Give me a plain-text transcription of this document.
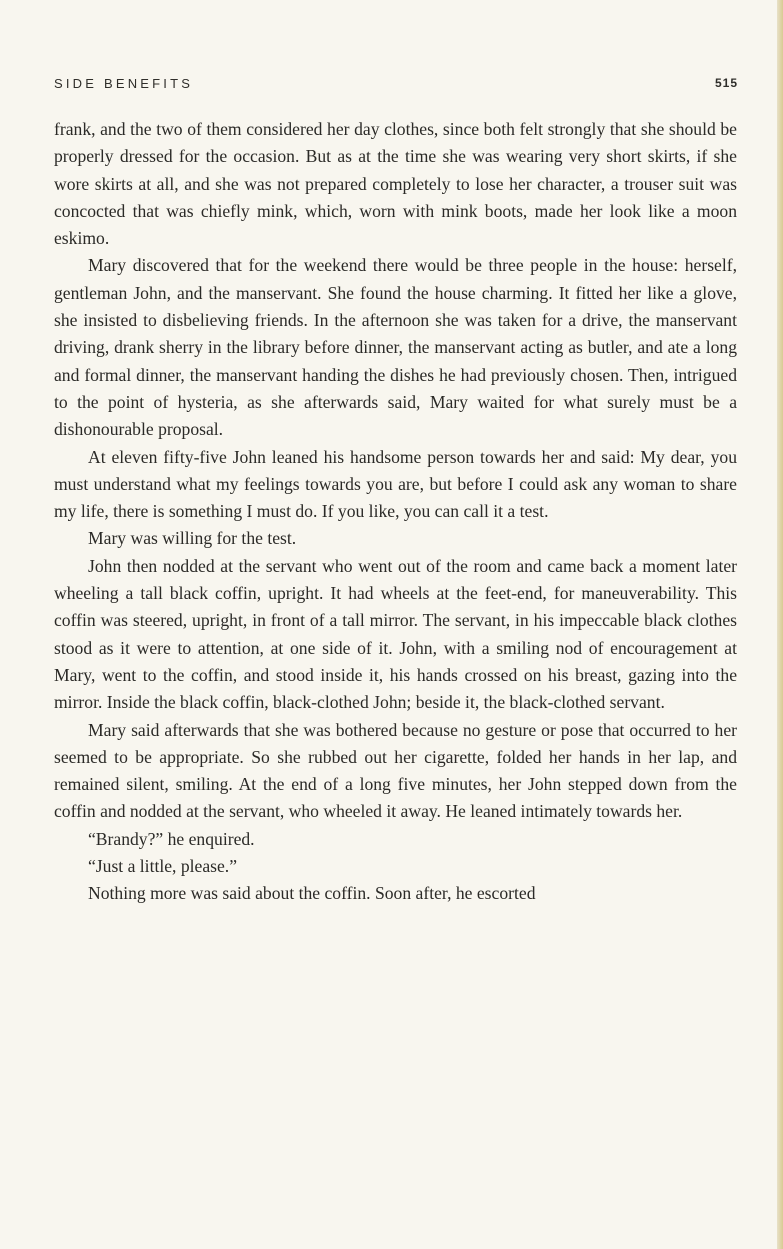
SIDE BENEFITS	515

frank, and the two of them considered her day clothes, since both felt strongly that she should be properly dressed for the occasion. But as at the time she was wearing very short skirts, if she wore skirts at all, and she was not prepared completely to lose her character, a trouser suit was concocted that was chiefly mink, which, worn with mink boots, made her look like a moon eskimo.

Mary discovered that for the weekend there would be three people in the house: herself, gentleman John, and the manservant. She found the house charming. It fitted her like a glove, she insisted to disbelieving friends. In the afternoon she was taken for a drive, the manservant driving, drank sherry in the library before dinner, the manservant acting as butler, and ate a long and formal dinner, the manservant handing the dishes he had previously chosen. Then, intrigued to the point of hysteria, as she afterwards said, Mary waited for what surely must be a dishonourable proposal.

At eleven fifty-five John leaned his handsome person towards her and said: My dear, you must understand what my feelings towards you are, but before I could ask any woman to share my life, there is something I must do. If you like, you can call it a test.

Mary was willing for the test.

John then nodded at the servant who went out of the room and came back a moment later wheeling a tall black coffin, upright. It had wheels at the feet-end, for maneuverability. This coffin was steered, upright, in front of a tall mirror. The servant, in his impeccable black clothes stood as it were to attention, at one side of it. John, with a smiling nod of encouragement at Mary, went to the coffin, and stood inside it, his hands crossed on his breast, gazing into the mirror. Inside the black coffin, black-clothed John; beside it, the black-clothed servant.

Mary said afterwards that she was bothered because no gesture or pose that occurred to her seemed to be appropriate. So she rubbed out her cigarette, folded her hands in her lap, and remained silent, smiling. At the end of a long five minutes, her John stepped down from the coffin and nodded at the servant, who wheeled it away. He leaned intimately towards her.

“Brandy?” he enquired.

“Just a little, please.”

Nothing more was said about the coffin. Soon after, he escorted
